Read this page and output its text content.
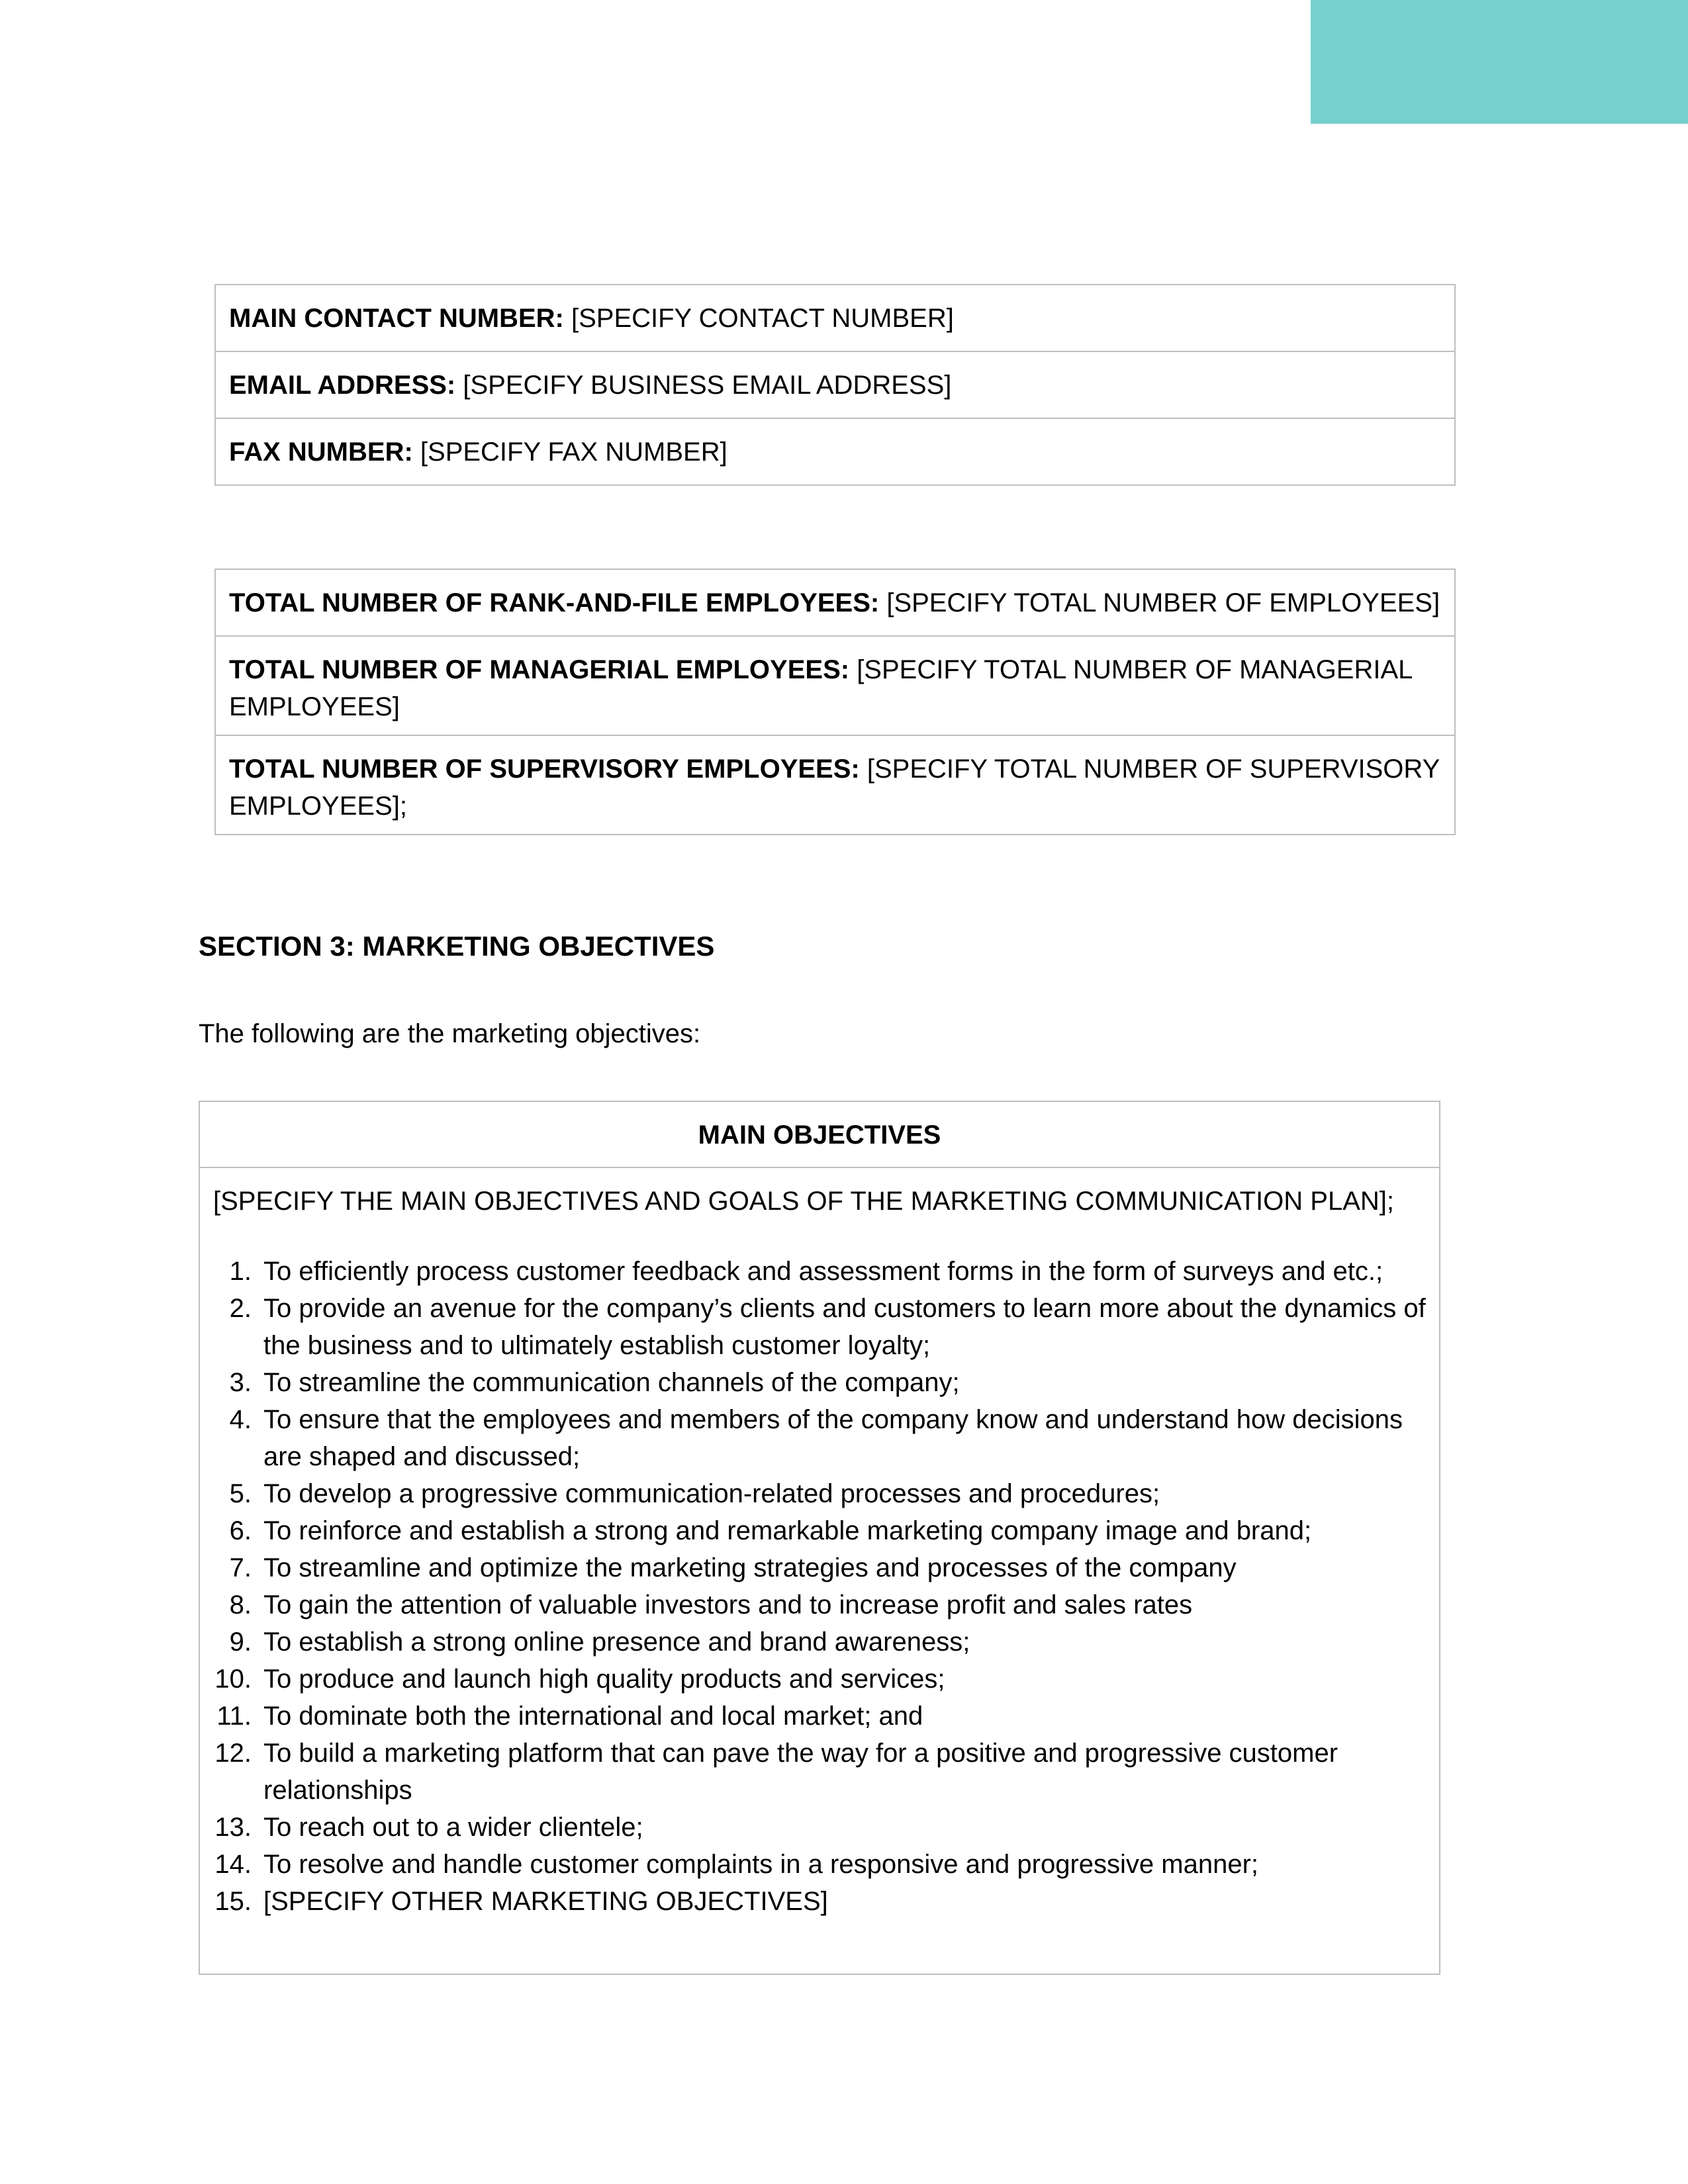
MAIN CONTACT NUMBER: [SPECIFY CONTACT NUMBER]
EMAIL ADDRESS: [SPECIFY BUSINESS EMAIL ADDRESS]
FAX NUMBER: [SPECIFY FAX NUMBER]
TOTAL NUMBER OF RANK-AND-FILE EMPLOYEES: [SPECIFY TOTAL NUMBER OF EMPLOYEES]
TOTAL NUMBER OF MANAGERIAL EMPLOYEES: [SPECIFY TOTAL NUMBER OF MANAGERIAL EMPLOYEES]
TOTAL NUMBER OF SUPERVISORY EMPLOYEES: [SPECIFY TOTAL NUMBER OF SUPERVISORY EMPLOYEES];
SECTION 3: MARKETING OBJECTIVES

The following are the marketing objectives:

MAIN OBJECTIVES

[SPECIFY THE MAIN OBJECTIVES AND GOALS OF THE MARKETING COMMUNICATION PLAN];

1. To efficiently process customer feedback and assessment forms in the form of surveys and etc.;
2. To provide an avenue for the company’s clients and customers to learn more about the dynamics of the business and to ultimately establish customer loyalty;
3. To streamline the communication channels of the company;
4. To ensure that the employees and members of the company know and understand how decisions are shaped and discussed;
5. To develop a progressive communication-related processes and procedures;
6. To reinforce and establish a strong and remarkable marketing company image and brand;
7. To streamline and optimize the marketing strategies and processes of the company
8. To gain the attention of valuable investors and to increase profit and sales rates
9. To establish a strong online presence and brand awareness;
10. To produce and launch high quality products and services;
11. To dominate both the international and local market; and
12. To build a marketing platform that can pave the way for a positive and progressive customer relationships
13. To reach out to a wider clientele;
14. To resolve and handle customer complaints in a responsive and progressive manner;
15. [SPECIFY OTHER MARKETING OBJECTIVES]
